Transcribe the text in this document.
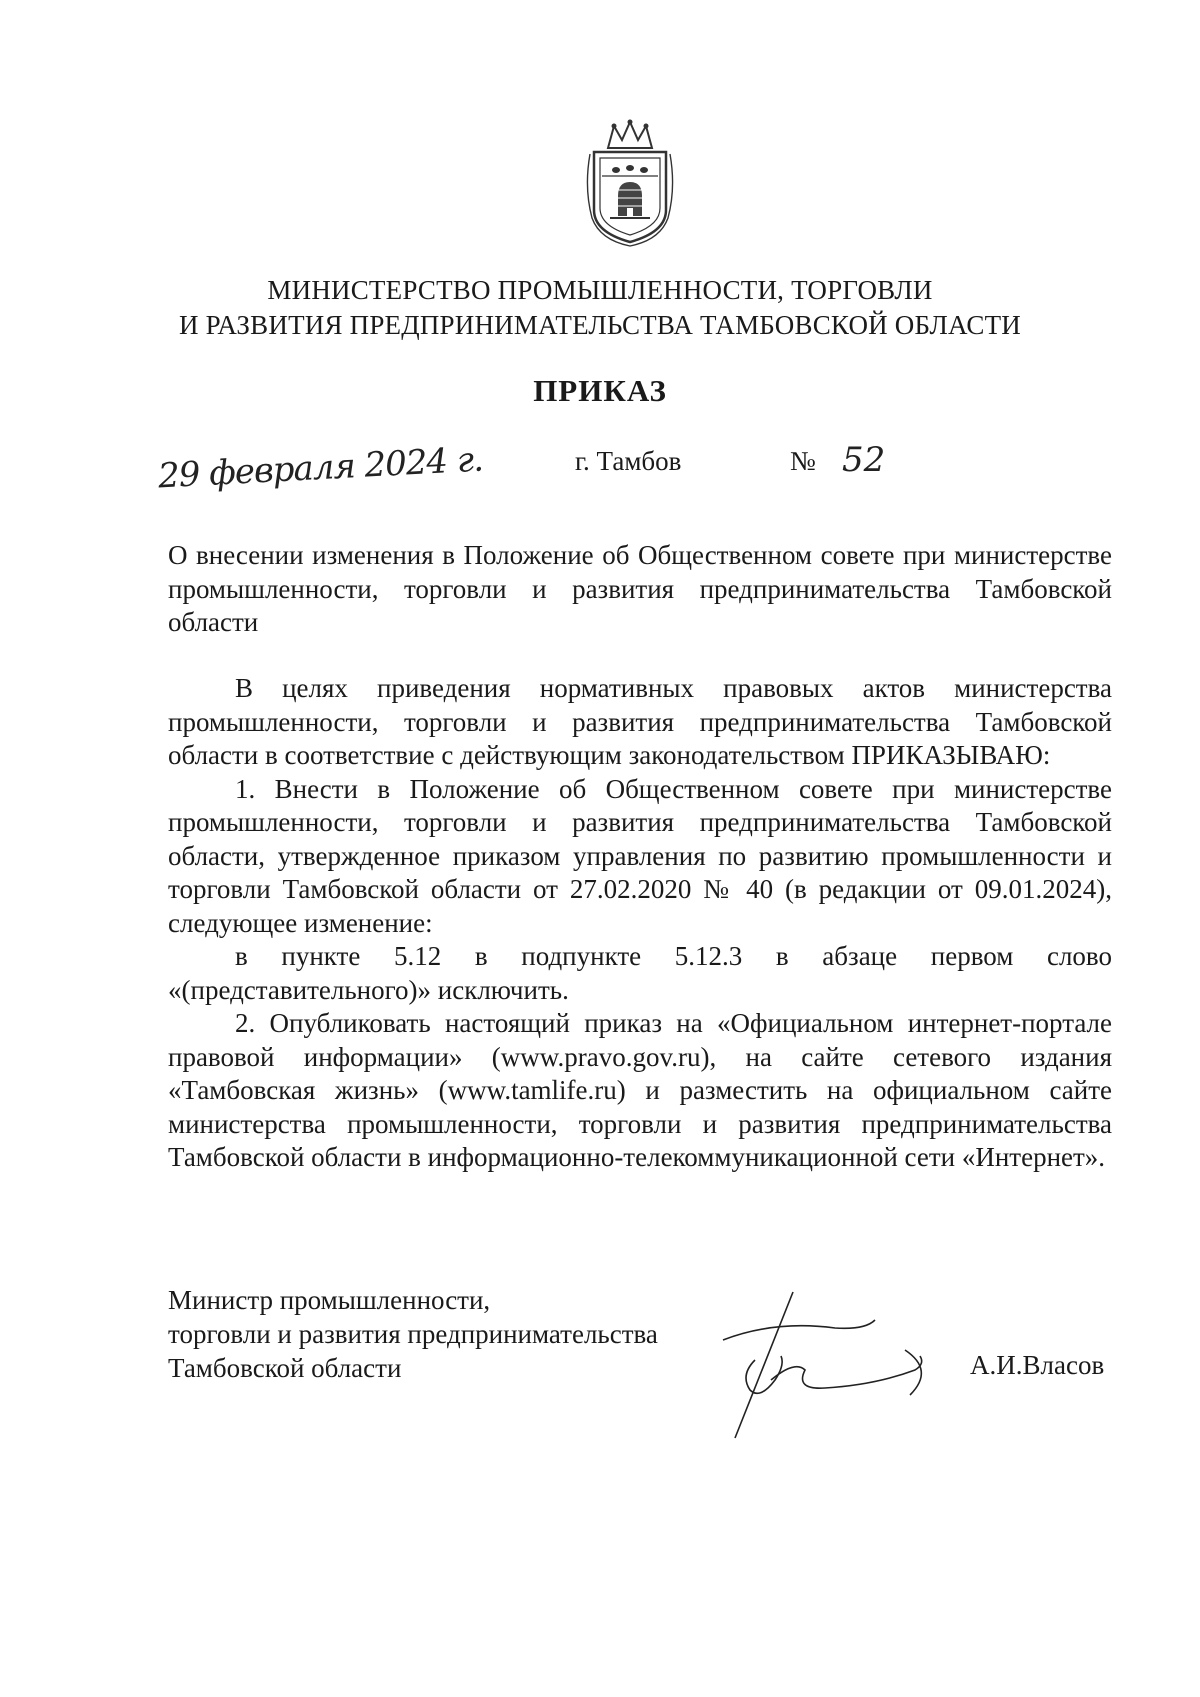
МИНИСТЕРСТВО ПРОМЫШЛЕННОСТИ, ТОРГОВЛИ
И РАЗВИТИЯ ПРЕДПРИНИМАТЕЛЬСТВА ТАМБОВСКОЙ ОБЛАСТИ
ПРИКАЗ
29 февраля 2024 г.	г. Тамбов	№ 52
О внесении изменения в Положение об Общественном совете при министерстве промышленности, торговли и развития предпринимательства Тамбовской области

В целях приведения нормативных правовых актов министерства промышленности, торговли и развития предпринимательства Тамбовской области в соответствие с действующим законодательством ПРИКАЗЫВАЮ:

1. Внести в Положение об Общественном совете при министерстве промышленности, торговли и развития предпринимательства Тамбовской области, утвержденное приказом управления по развитию промышленности и торговли Тамбовской области от 27.02.2020 № 40 (в редакции от 09.01.2024), следующее изменение:

в пункте 5.12 в подпункте 5.12.3 в абзаце первом слово «(представительного)» исключить.

2. Опубликовать настоящий приказ на «Официальном интернет-портале правовой информации» (www.pravo.gov.ru), на сайте сетевого издания «Тамбовская жизнь» (www.tamlife.ru) и разместить на официальном сайте министерства промышленности, торговли и развития предпринимательства Тамбовской области в информационно-телекоммуникационной сети «Интернет».

Министр промышленности,
торговли и развития предпринимательства
Тамбовской области	А.И.Власов
